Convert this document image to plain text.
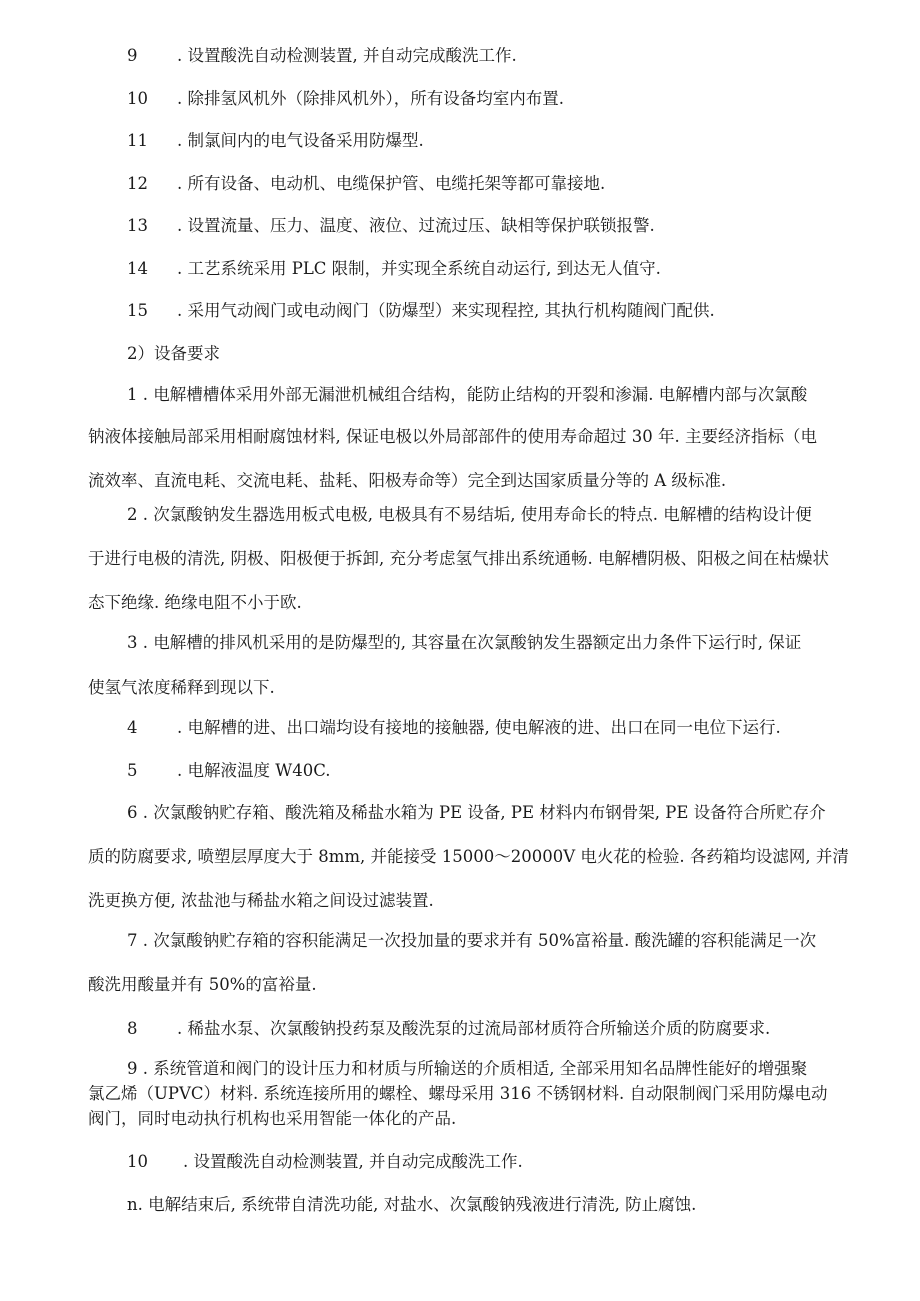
9 . 设置酸洗自动检测装置, 并自动完成酸洗工作.
10 . 除排氢风机外（除排风机外），所有设备均室内布置.
11 . 制氯间内的电气设备采用防爆型.
12 . 所有设备、电动机、电缆保护管、电缆托架等都可靠接地.
13 . 设置流量、压力、温度、液位、过流过压、缺相等保护联锁报警.
14 . 工艺系统采用 PLC 限制，并实现全系统自动运行, 到达无人值守.
15 . 采用气动阀门或电动阀门（防爆型）来实现程控, 其执行机构随阀门配供.
2）设备要求
1 . 电解槽槽体采用外部无漏泄机械组合结构，能防止结构的开裂和渗漏. 电解槽内部与次氯酸
钠液体接触局部采用相耐腐蚀材料, 保证电极以外局部部件的使用寿命超过 30 年. 主要经济指标（电
流效率、直流电耗、交流电耗、盐耗、阳极寿命等）完全到达国家质量分等的 A 级标准.
2 . 次氯酸钠发生器选用板式电极, 电极具有不易结垢, 使用寿命长的特点. 电解槽的结构设计便
于进行电极的清洗, 阴极、阳极便于拆卸, 充分考虑氢气排出系统通畅. 电解槽阴极、阳极之间在枯燥状
态下绝缘. 绝缘电阻不小于欧.
3 . 电解槽的排风机采用的是防爆型的, 其容量在次氯酸钠发生器额定出力条件下运行时, 保证
使氢气浓度稀释到现以下.
4 . 电解槽的进、出口端均设有接地的接触器, 使电解液的进、出口在同一电位下运行.
5 . 电解液温度 W40C.
6 . 次氯酸钠贮存箱、酸洗箱及稀盐水箱为 PE 设备, PE 材料内布钢骨架, PE 设备符合所贮存介
质的防腐要求, 喷塑层厚度大于 8mm, 并能接受 15000～20000V 电火花的检验. 各药箱均设滤网, 并清
洗更换方便, 浓盐池与稀盐水箱之间设过滤装置.
7 . 次氯酸钠贮存箱的容积能满足一次投加量的要求并有 50%富裕量. 酸洗罐的容积能满足一次
酸洗用酸量并有 50%的富裕量.
8 . 稀盐水泵、次氯酸钠投药泵及酸洗泵的过流局部材质符合所输送介质的防腐要求.
9 . 系统管道和阀门的设计压力和材质与所输送的介质相适, 全部采用知名品牌性能好的增强聚
氯乙烯（UPVC）材料. 系统连接所用的螺栓、螺母采用 316 不锈钢材料. 自动限制阀门采用防爆电动
阀门，同时电动执行机构也采用智能一体化的产品.
10 . 设置酸洗自动检测装置, 并自动完成酸洗工作.
n. 电解结束后, 系统带自清洗功能, 对盐水、次氯酸钠残液进行清洗, 防止腐蚀.
